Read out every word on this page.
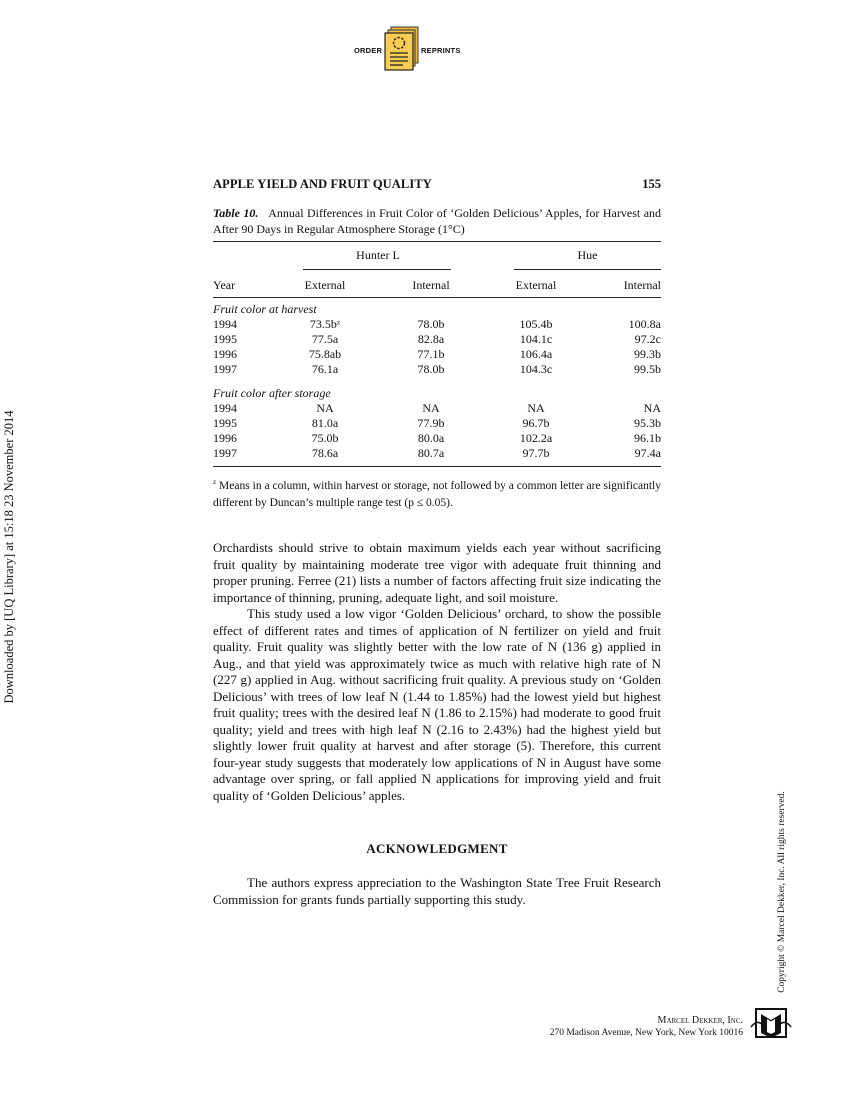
ORDER	REPRINTS
APPLE YIELD AND FRUIT QUALITY	155
Table 10. Annual Differences in Fruit Color of ‘Golden Delicious’ Apples, for Harvest and After 90 Days in Regular Atmosphere Storage (1°C)
Hunter L	Hue
Year	External	Internal	External	Internal
Fruit color at harvest
1994	73.5bᶻ	78.0b	105.4b	100.8a
1995	77.5a	82.8a	104.1c	97.2c
1996	75.8ab	77.1b	106.4a	99.3b
1997	76.1a	78.0b	104.3c	99.5b
Fruit color after storage
1994	NA	NA	NA	NA
1995	81.0a	77.9b	96.7b	95.3b
1996	75.0b	80.0a	102.2a	96.1b
1997	78.6a	80.7a	97.7b	97.4a
$^z$ Means in a column, within harvest or storage, not followed by a common letter are significantly different by Duncan’s multiple range test (p ≤ 0.05).

Orchardists should strive to obtain maximum yields each year without sacrificing fruit quality by maintaining moderate tree vigor with adequate fruit thinning and proper pruning. Ferree (21) lists a number of factors affecting fruit size indicating the importance of thinning, pruning, adequate light, and soil moisture.

This study used a low vigor ‘Golden Delicious’ orchard, to show the possible effect of different rates and times of application of N fertilizer on yield and fruit quality. Fruit quality was slightly better with the low rate of N (136 g) applied in Aug., and that yield was approximately twice as much with relative high rate of N (227 g) applied in Aug. without sacrificing fruit quality. A previous study on ‘Golden Delicious’ with trees of low leaf N (1.44 to 1.85%) had the lowest yield but highest fruit quality; trees with the desired leaf N (1.86 to 2.15%) had moderate to good fruit quality; yield and trees with high leaf N (2.16 to 2.43%) had the highest yield but slightly lower fruit quality at harvest and after storage (5). Therefore, this current four-year study suggests that moderately low applications of N in August have some advantage over spring, or fall applied N applications for improving yield and fruit quality of ‘Golden Delicious’ apples.

ACKNOWLEDGMENT
The authors express appreciation to the Washington State Tree Fruit Research Commission for grants funds partially supporting this study.
Downloaded by [UQ Library] at 15:18 23 November 2014
Copyright © Marcel Dekker, Inc. All rights reserved.
Marcel Dekker, Inc.
270 Madison Avenue, New York, New York 10016
